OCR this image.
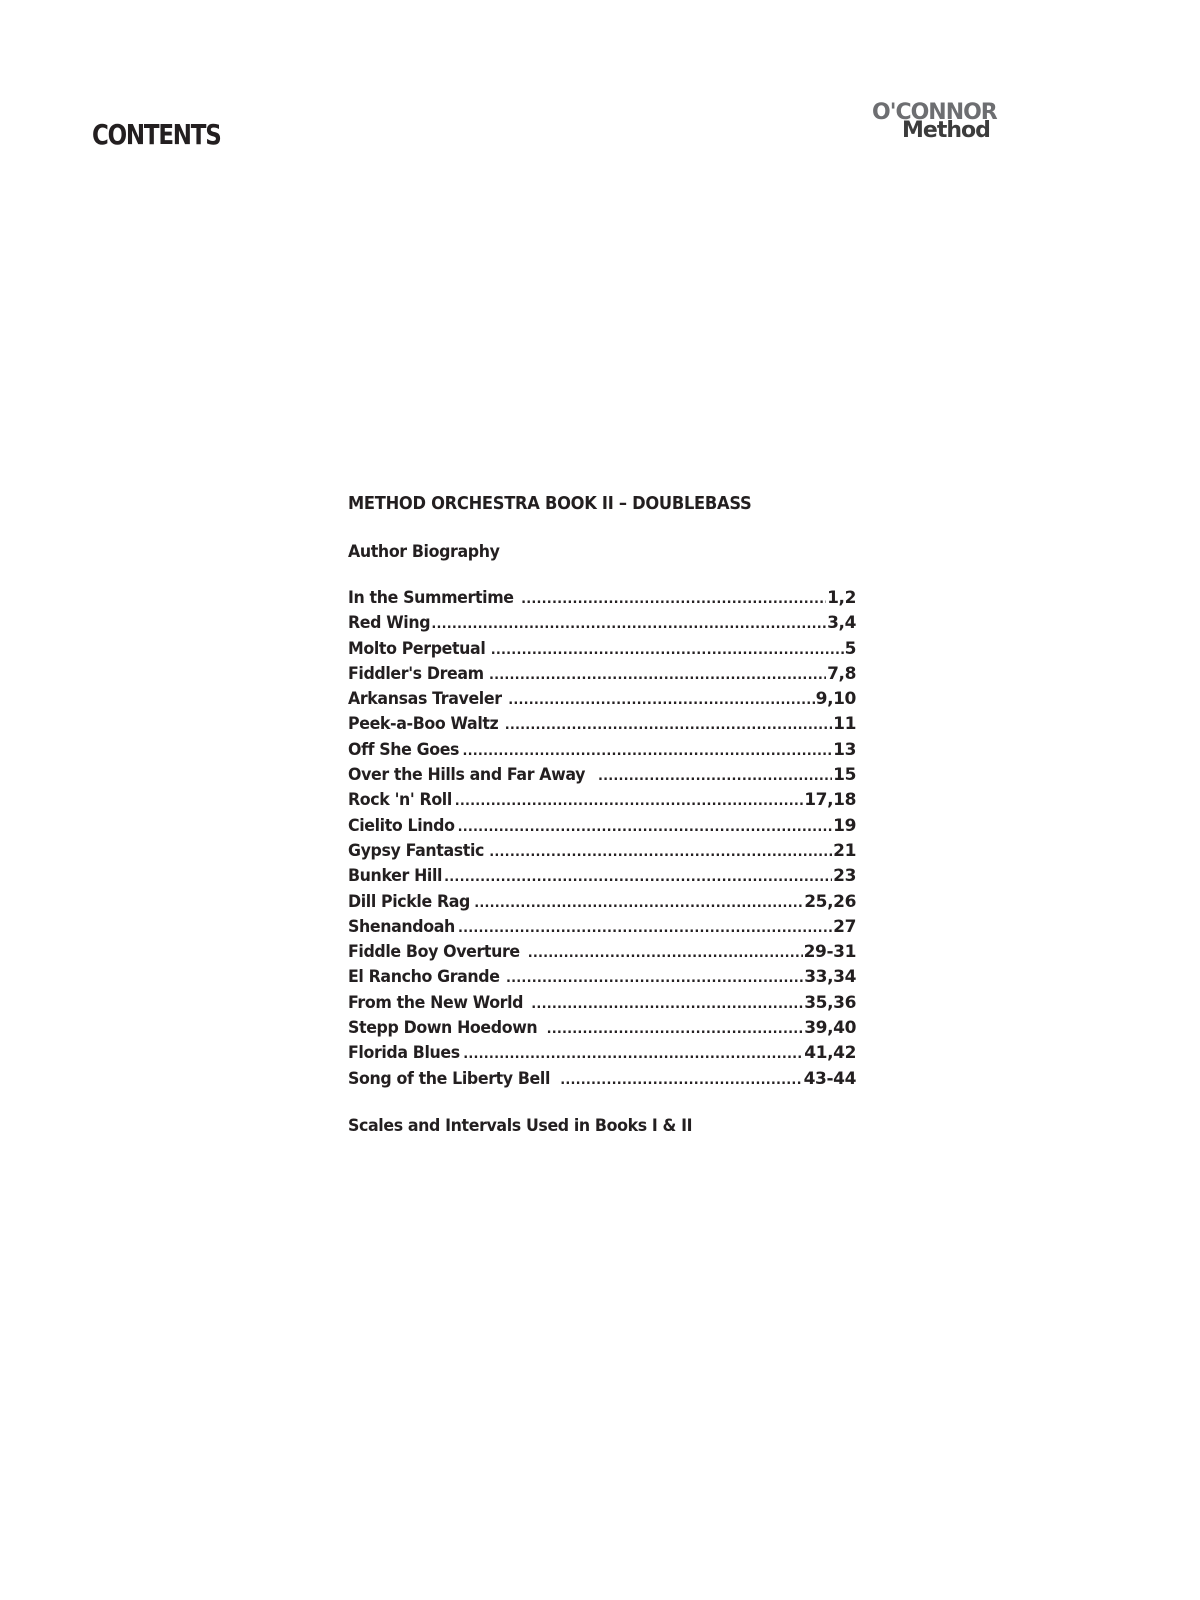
CONTENTS
O'CONNOR
Method
METHOD ORCHESTRA BOOK II – DOUBLEBASS
Author Biography
In the Summertime .....	1,2
Red Wing .....	3,4
Molto Perpetual .....	5
Fiddler's Dream .....	7,8
Arkansas Traveler .....	9,10
Peek-a-Boo Waltz .....	11
Off She Goes .....	13
Over the Hills and Far Away .....	15
Rock 'n' Roll .....	17,18
Cielito Lindo .....	19
Gypsy Fantastic .....	21
Bunker Hill .....	23
Dill Pickle Rag .....	25,26
Shenandoah .....	27
Fiddle Boy Overture .....	29-31
El Rancho Grande .....	33,34
From the New World .....	35,36
Stepp Down Hoedown .....	39,40
Florida Blues .....	41,42
Song of the Liberty Bell .....	43-44
Scales and Intervals Used in Books I & II
